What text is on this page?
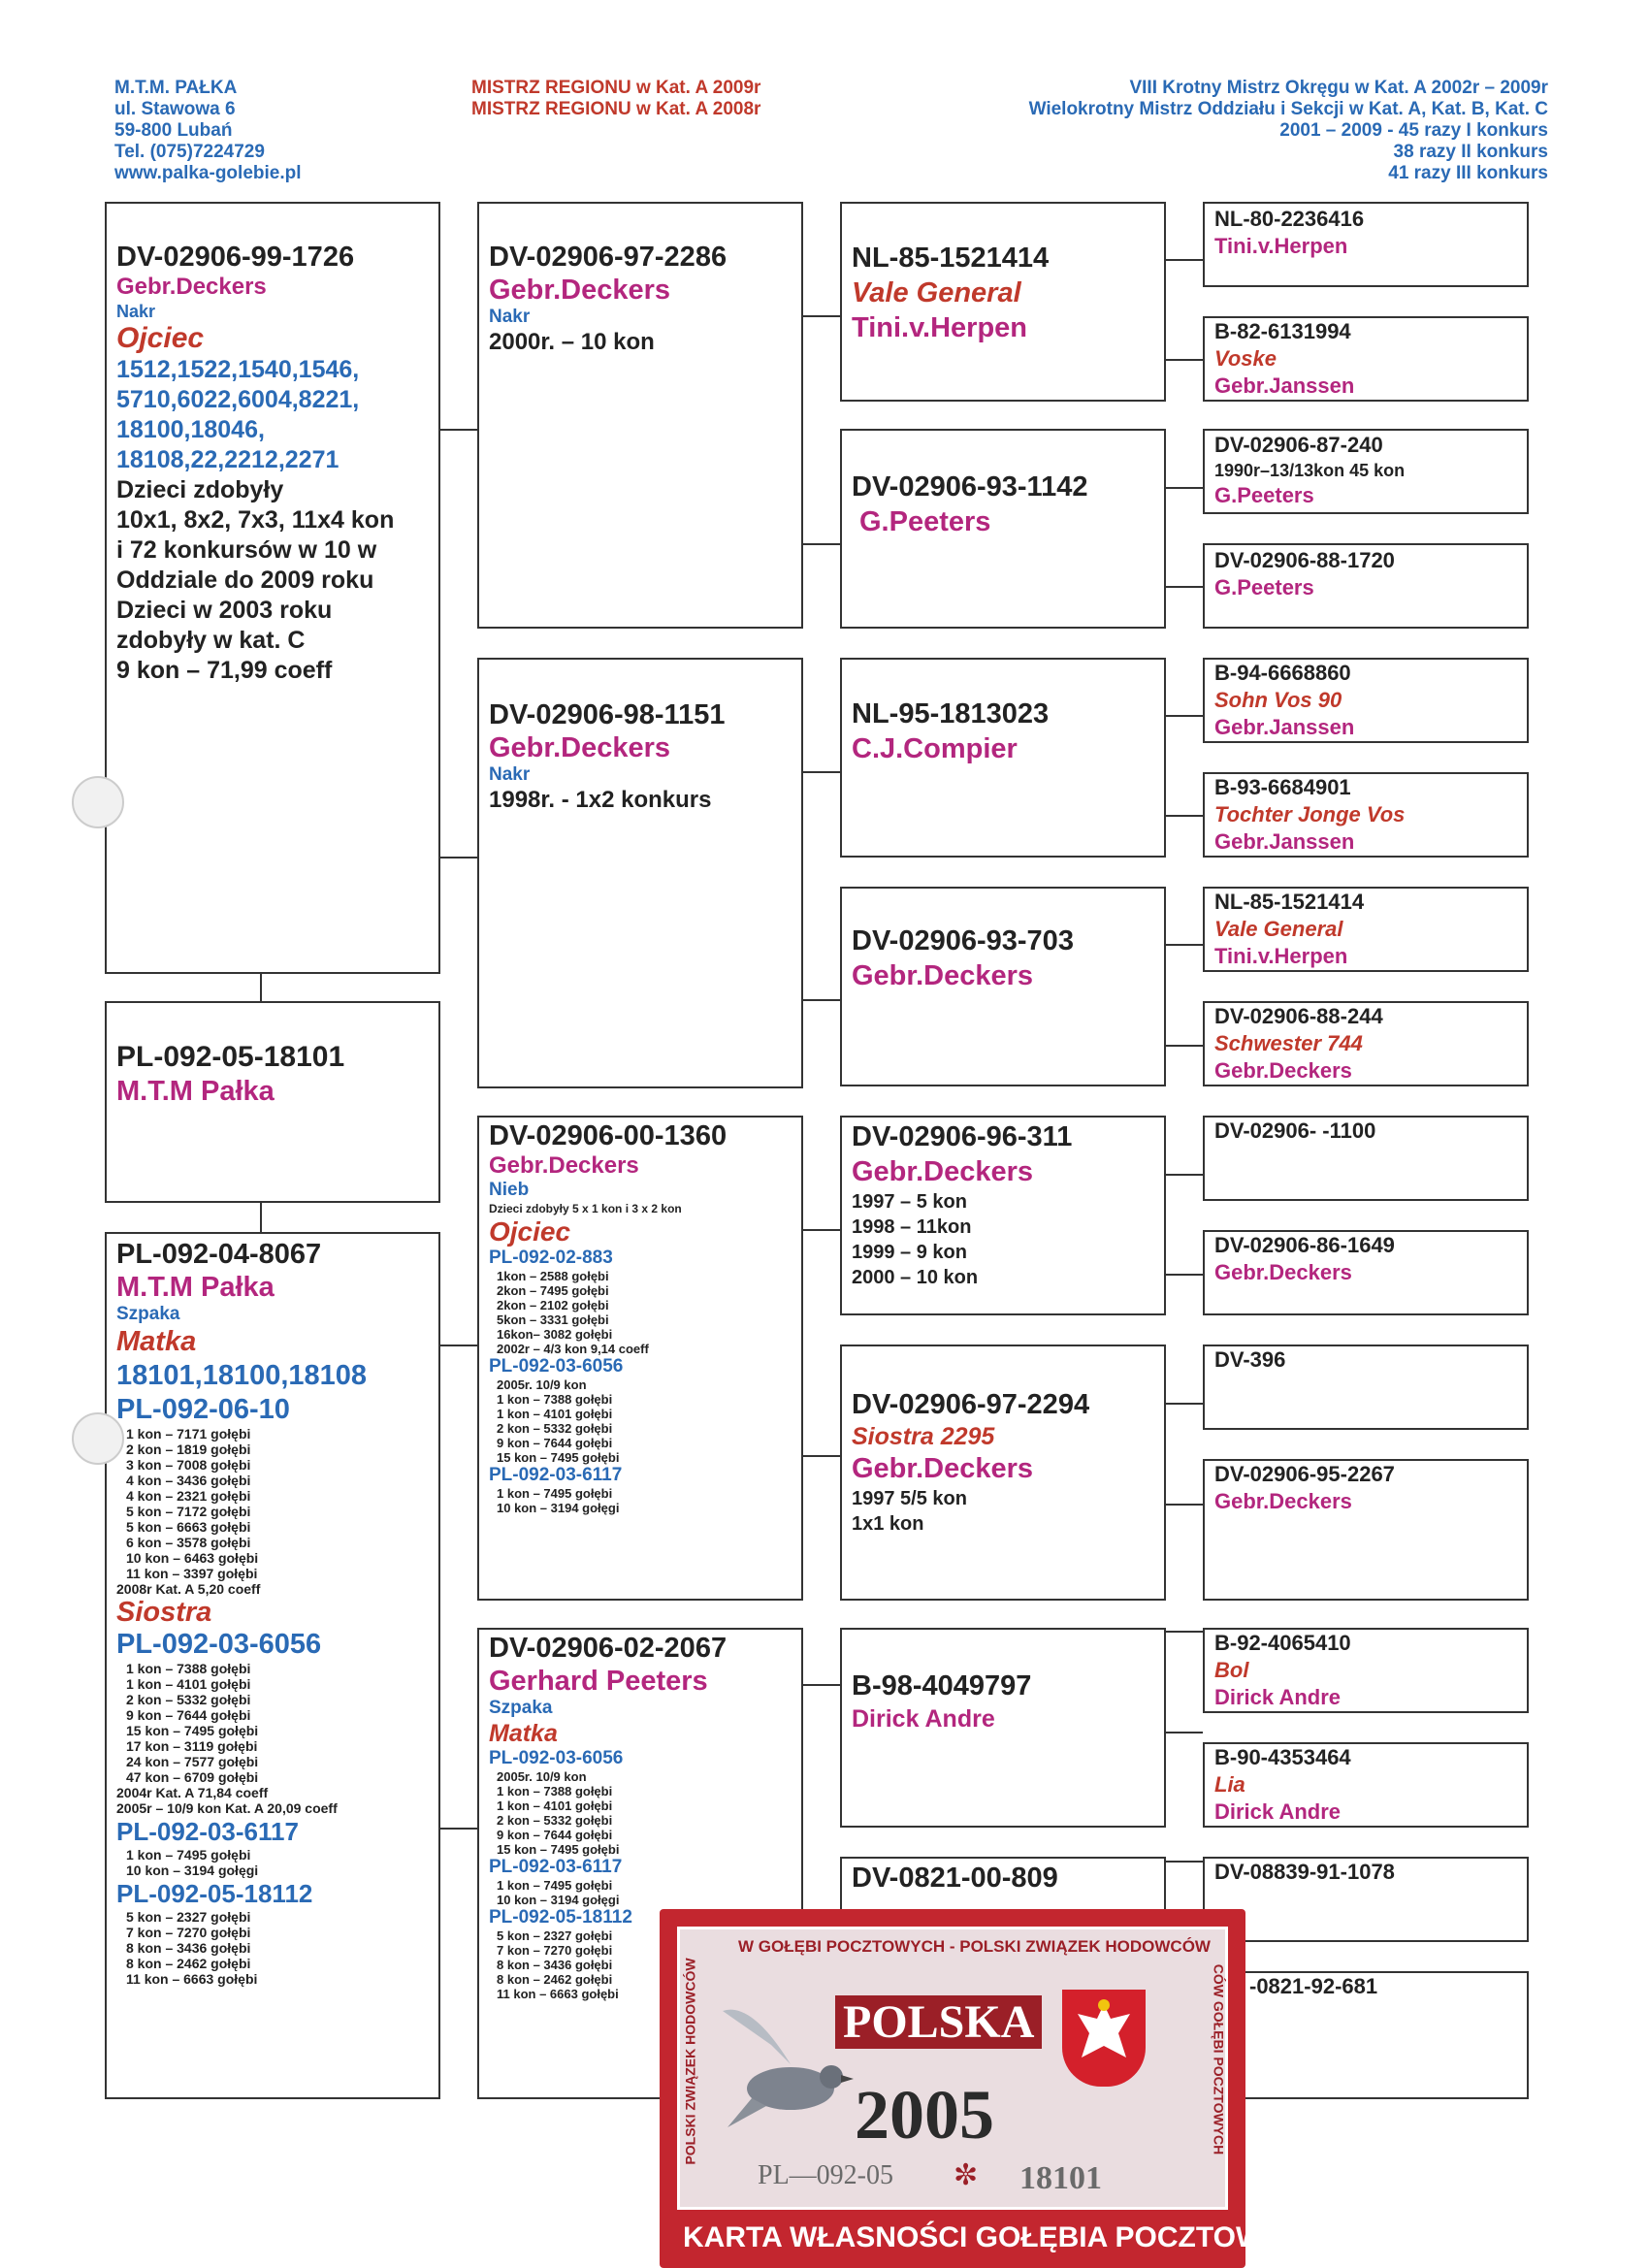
M.T.M. PAŁKA
ul. Stawowa 6
59-800 Lubań
Tel. (075)7224729
www.palka-golebie.pl
MISTRZ REGIONU w Kat. A 2009r
MISTRZ REGIONU w Kat. A 2008r
VIII Krotny Mistrz Okręgu w Kat. A 2002r – 2009r
Wielokrotny Mistrz Oddziału i Sekcji w Kat. A, Kat. B, Kat. C
2001 – 2009 - 45 razy I konkurs
38 razy II konkurs
41 razy III konkurs
DV-02906-99-1726
Gebr.Deckers
Nakr
Ojciec
1512,1522,1540,1546,
5710,6022,6004,8221,
18100,18046,
18108,22,2212,2271
Dzieci zdobyły
10x1, 8x2, 7x3, 11x4 kon
i 72 konkursów w 10 w
Oddziale do 2009 roku
Dzieci w 2003 roku
zdobyły w kat. C
9 kon – 71,99 coeff
PL-092-05-18101
M.T.M Pałka
PL-092-04-8067
M.T.M Pałka
Szpaka
Matka
18101,18100,18108
PL-092-06-10
1 kon – 7171 gołębi
2 kon – 1819 gołębi
3 kon – 7008 gołębi
4 kon – 3436 gołębi
4 kon – 2321 gołębi
5 kon – 7172 gołębi
5 kon – 6663 gołębi
6 kon – 3578 gołębi
10 kon – 6463 gołębi
11 kon – 3397 gołębi
2008r Kat. A 5,20 coeff
Siostra
PL-092-03-6056
1 kon – 7388 gołębi
1 kon – 4101 gołębi
2 kon – 5332 gołębi
9 kon – 7644 gołębi
15 kon – 7495 gołębi
17 kon – 3119 gołębi
24 kon – 7577 gołębi
47 kon – 6709 gołębi
2004r Kat. A 71,84 coeff
2005r – 10/9 kon Kat. A 20,09 coeff
PL-092-03-6117
1 kon – 7495 gołębi
10 kon – 3194 gołęgi
PL-092-05-18112
5 kon – 2327 gołębi
7 kon – 7270 gołębi
8 kon – 3436 gołębi
8 kon – 2462 gołębi
11 kon – 6663 gołębi
DV-02906-97-2286
Gebr.Deckers
Nakr
2000r. – 10 kon
DV-02906-98-1151
Gebr.Deckers
Nakr
1998r. - 1x2 konkurs
DV-02906-00-1360
Gebr.Deckers
Nieb
Dzieci zdobyły 5 x 1 kon i 3 x 2 kon
Ojciec
PL-092-02-883
1kon – 2588 gołębi
2kon – 7495 gołębi
2kon – 2102 gołębi
5kon – 3331 gołębi
16kon– 3082 gołębi
2002r – 4/3 kon 9,14 coeff
PL-092-03-6056
2005r. 10/9 kon
1 kon – 7388 gołębi
1 kon – 4101 gołębi
2 kon – 5332 gołębi
9 kon – 7644 gołębi
15 kon – 7495 gołębi
PL-092-03-6117
1 kon – 7495 gołębi
10 kon – 3194 gołęgi
DV-02906-02-2067
Gerhard Peeters
Szpaka
Matka
PL-092-03-6056
2005r. 10/9 kon
1 kon – 7388 gołębi
1 kon – 4101 gołębi
2 kon – 5332 gołębi
9 kon – 7644 gołębi
15 kon – 7495 gołębi
PL-092-03-6117
1 kon – 7495 gołębi
10 kon – 3194 gołęgi
PL-092-05-18112
5 kon – 2327 gołębi
7 kon – 7270 gołębi
8 kon – 3436 gołębi
8 kon – 2462 gołębi
11 kon – 6663 gołębi
NL-85-1521414
Vale General
Tini.v.Herpen
DV-02906-93-1142
G.Peeters
NL-95-1813023
C.J.Compier
DV-02906-93-703
Gebr.Deckers
DV-02906-96-311
Gebr.Deckers
1997 – 5 kon
1998 – 11kon
1999 – 9 kon
2000 – 10 kon
DV-02906-97-2294
Siostra 2295
Gebr.Deckers
1997 5/5 kon
1x1 kon
B-98-4049797
Dirick Andre
DV-0821-00-809
NL-80-2236416
Tini.v.Herpen
B-82-6131994
Voske
Gebr.Janssen
DV-02906-87-240
1990r–13/13kon 45 kon
G.Peeters
DV-02906-88-1720
G.Peeters
B-94-6668860
Sohn Vos 90
Gebr.Janssen
B-93-6684901
Tochter Jonge Vos
Gebr.Janssen
NL-85-1521414
Vale General
Tini.v.Herpen
DV-02906-88-244
Schwester 744
Gebr.Deckers
DV-02906- -1100
DV-02906-86-1649
Gebr.Deckers
DV-396
DV-02906-95-2267
Gebr.Deckers
B-92-4065410
Bol
Dirick Andre
B-90-4353464
Lia
Dirick Andre
DV-08839-91-1078
-0821-92-681
W GOŁĘBI POCZTOWYCH - POLSKI ZWIĄZEK HODOWCÓW
POLSKI ZWIĄZEK HODOWCÓW	CÓW GOŁĘBI POCZTOWYCH
POLSKA
2005
PL—092-05 ✼ 18101
KARTA WŁASNOŚCI GOŁĘBIA POCZTOWEGO
